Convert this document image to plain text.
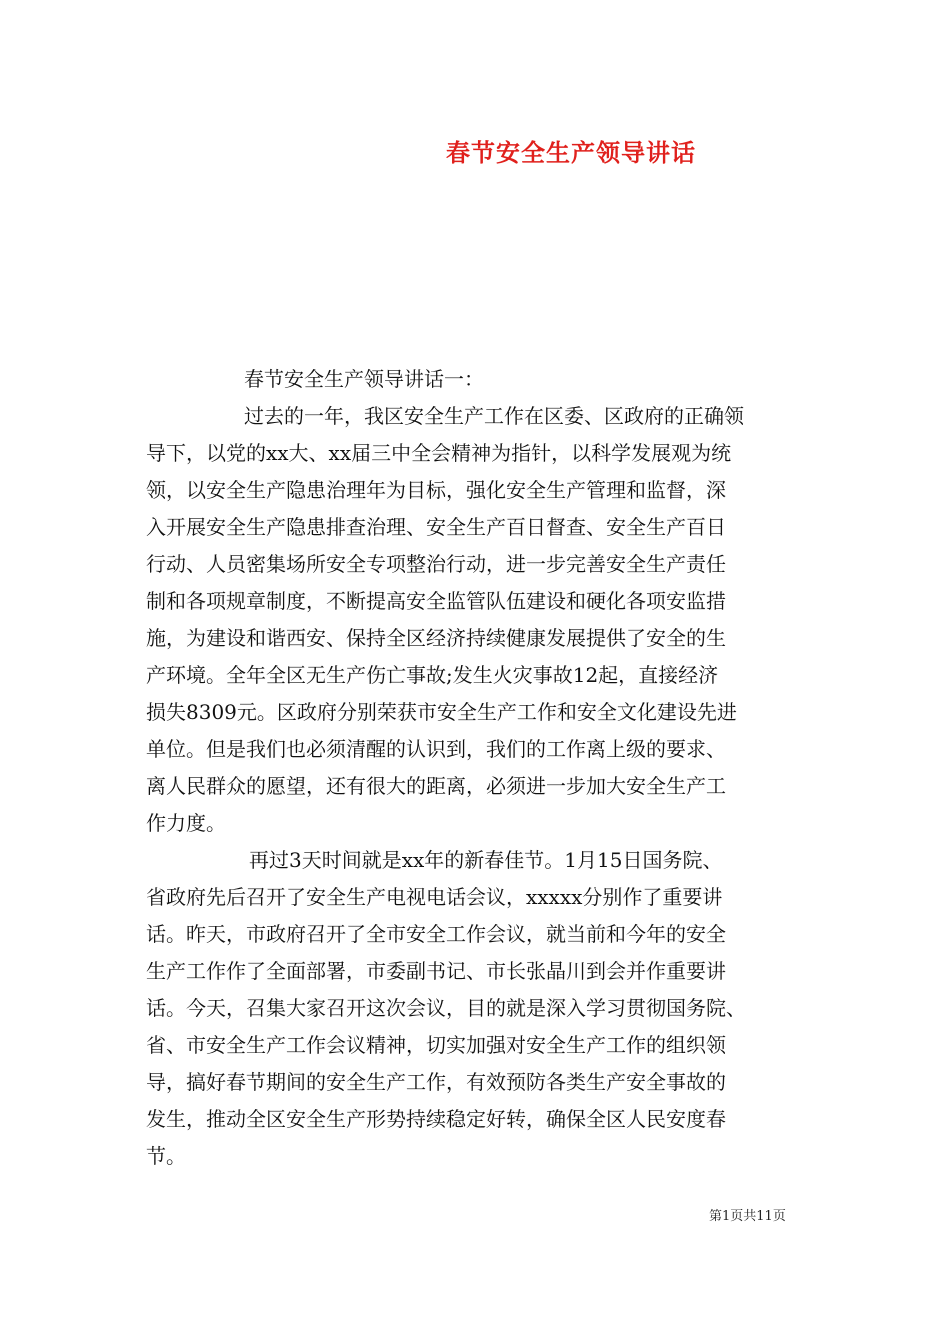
春节安全生产领导讲话
春节安全生产领导讲话一：
过去的一年，我区安全生产工作在区委、区政府的正确领
导下，以党的xx大、xx届三中全会精神为指针，以科学发展观为统
领，以安全生产隐患治理年为目标，强化安全生产管理和监督，深
入开展安全生产隐患排查治理、安全生产百日督查、安全生产百日
行动、人员密集场所安全专项整治行动，进一步完善安全生产责任
制和各项规章制度，不断提高安全监管队伍建设和硬化各项安监措
施，为建设和谐西安、保持全区经济持续健康发展提供了安全的生
产环境。全年全区无生产伤亡事故;发生火灾事故12起，直接经济
损失8309元。区政府分别荣获市安全生产工作和安全文化建设先进
单位。但是我们也必须清醒的认识到，我们的工作离上级的要求、
离人民群众的愿望，还有很大的距离，必须进一步加大安全生产工
作力度。
再过3天时间就是xx年的新春佳节。1月15日国务院、
省政府先后召开了安全生产电视电话会议，xxxxx分别作了重要讲
话。昨天，市政府召开了全市安全工作会议，就当前和今年的安全
生产工作作了全面部署，市委副书记、市长张晶川到会并作重要讲
话。今天，召集大家召开这次会议，目的就是深入学习贯彻国务院、
省、市安全生产工作会议精神，切实加强对安全生产工作的组织领
导，搞好春节期间的安全生产工作，有效预防各类生产安全事故的
发生，推动全区安全生产形势持续稳定好转，确保全区人民安度春
节。
第1页共11页
